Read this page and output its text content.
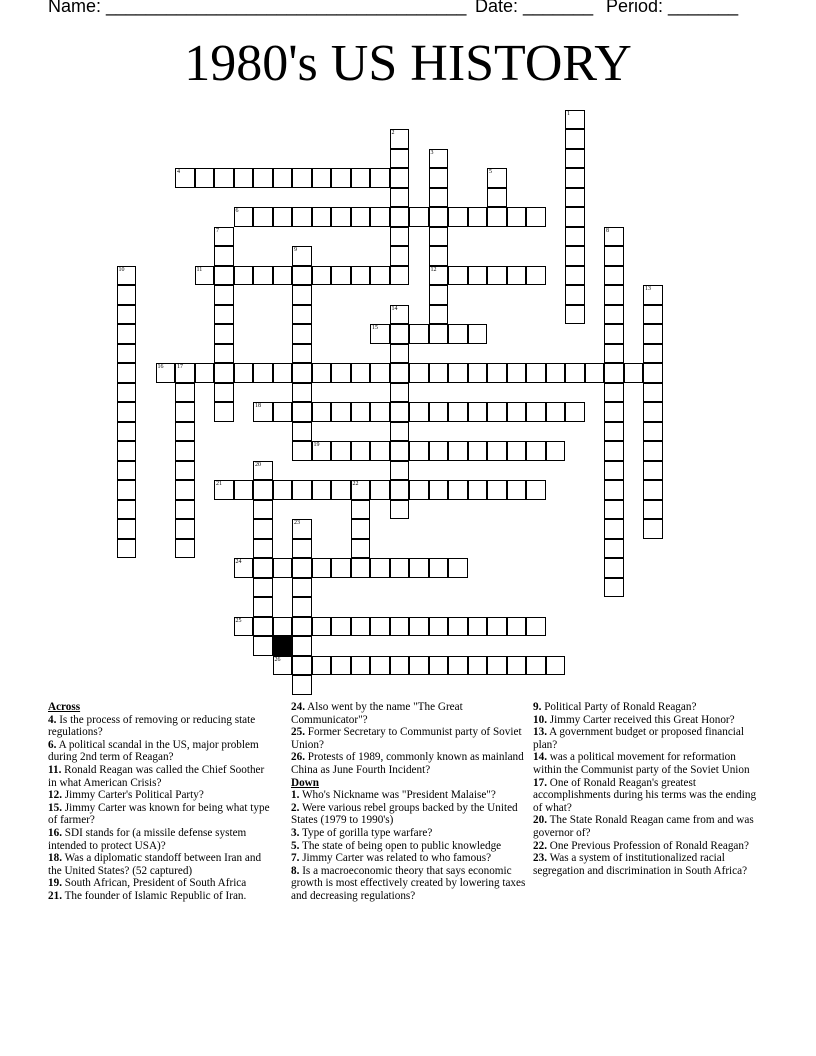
Name: ____________________________________

Date: _______

Period: _______

1980's US HISTORY
4
6
11	12
15
16 17
18
19
21	22
24
25
26
1
2
3
5
7	8
9
10
13
14
20
23
Across

4. Is the process of removing or reducing state regulations?

6. A political scandal in the US, major problem during 2nd term of Reagan?

11. Ronald Reagan was called the Chief Soother in what American Crisis?

12. Jimmy Carter's Political Party?

15. Jimmy Carter was known for being what type of farmer?

16. SDI stands for (a missile defense system intended to protect USA)?

18. Was a diplomatic standoff between Iran and the United States? (52 captured)

19. South African, President of South Africa

21. The founder of Islamic Republic of Iran.

24. Also went by the name "The Great Communicator"?

25. Former Secretary to Communist party of Soviet Union?

26. Protests of 1989, commonly known as mainland China as June Fourth Incident?

Down

1. Who's Nickname was "President Malaise"?

2. Were various rebel groups backed by the United States (1979 to 1990's)

3. Type of gorilla type warfare?

5. The state of being open to public knowledge

7. Jimmy Carter was related to who famous?

8. Is a macroeconomic theory that says economic growth is most effectively created by lowering taxes and decreasing regulations?

9. Political Party of Ronald Reagan?

10. Jimmy Carter received this Great Honor?

13. A government budget or proposed financial plan?

14. was a political movement for reformation within the Communist party of the Soviet Union

17. One of Ronald Reagan's greatest accomplishments during his terms was the ending of what?

20. The State Ronald Reagan came from and was governor of?

22. One Previous Profession of Ronald Reagan?

23. Was a system of institutionalized racial segregation and discrimination in South Africa?
